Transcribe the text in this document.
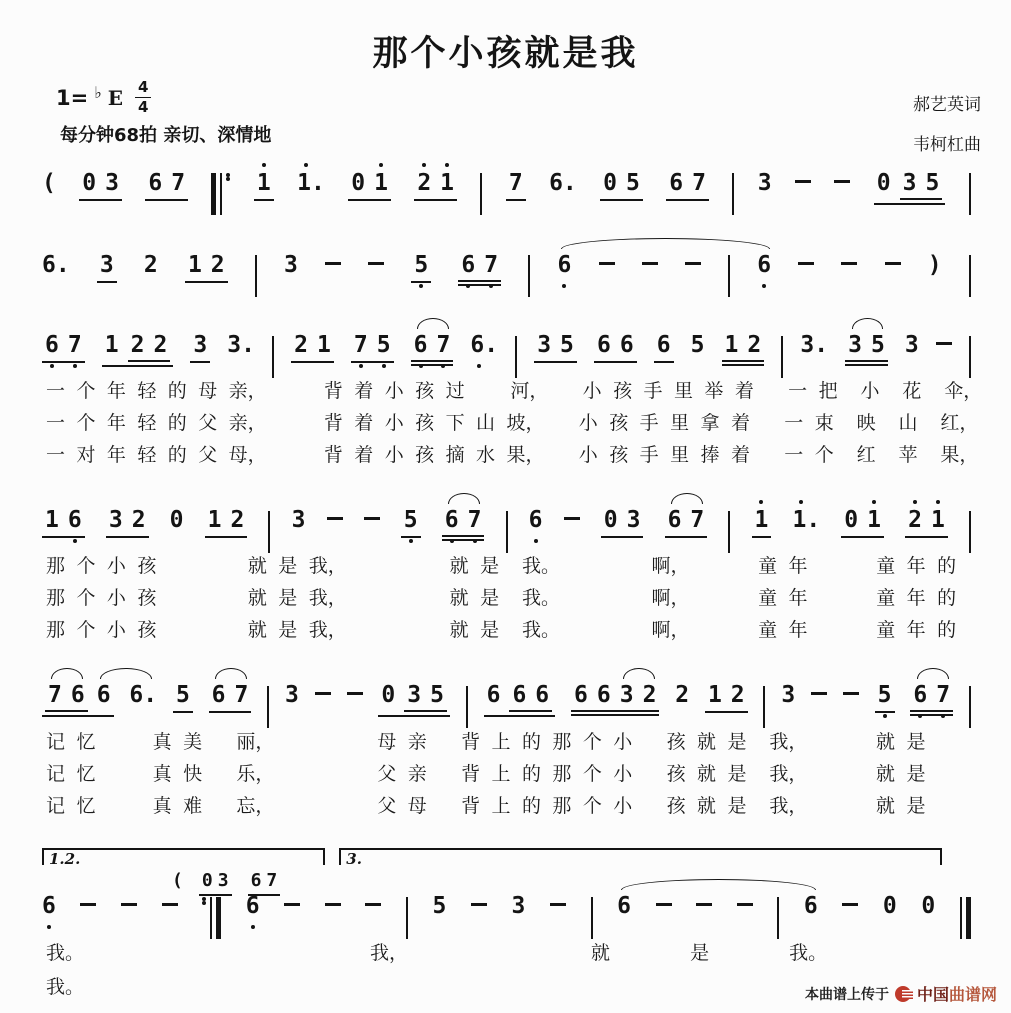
那个小孩就是我
1= ♭ E 4
4
每分钟68拍 亲切、深情地
郝艺英词
韦柯杠曲
( 0 3 6 7	1 1. 0 1 2 1 7 6. 0 5 6 7 3	0 3 5
6. 3 2 1 2	3	5 6 7	6	6	)
6 7 1 2 2 3 3. 2 1 7 5 6 7 6. 3 5 6 6 6 5 1 2 3. 3 5 3
一 个 年 轻 的 母 亲，     背 着 小 孩 过    河，   小 孩 手 里 举 着   一 把  小  花  伞，
一 个 年 轻 的 父 亲，     背 着 小 孩 下 山 坡，   小 孩 手 里 拿 着   一 束  映  山  红，
一 对 年 轻 的 父 母，     背 着 小 孩 摘 水 果，   小 孩 手 里 捧 着   一 个  红  苹  果，
1 6 3 2 0 1 2 3	5 6 7 6	0 3 6 7 1 1. 0 1 2 1
那 个 小 孩        就 是 我，         就 是  我。        啊，      童 年      童 年 的
那 个 小 孩        就 是 我，         就 是  我。        啊，      童 年      童 年 的
那 个 小 孩        就 是 我，         就 是  我。        啊，      童 年      童 年 的
7 6 6 6. 5 6 7 3	0 3 5 6 6 6 6 6 3 2 2 1 2 3	5 6 7
记 忆     真 美   丽，         母 亲   背 上 的 那 个 小   孩 就 是  我，      就 是
记 忆     真 快   乐，         父 亲   背 上 的 那 个 小   孩 就 是  我，      就 是
记 忆     真 难   忘，         父 母   背 上 的 那 个 小   孩 就 是  我，      就 是
1.2.	3.
( 0 3 6 7
6	6	5	3	6	6	0 0
我。                         我，                就       是       我。
我。	本曲谱上传于 中国曲谱网
